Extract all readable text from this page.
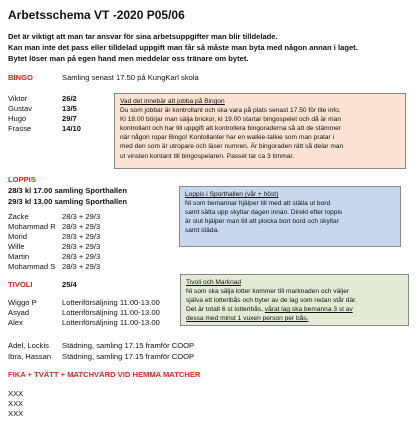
Arbetsschema VT -2020 P05/06
Det är viktigt att man tar ansvar för sina arbetsuppgifter man blir tilldelade.
Kan man inte det pass eller tilldelad uppgift man får så måste man byta med någon annan i laget.
Bytet löser man på egen hand men meddelar oss tränare om bytet.
BINGO	Samling senast 17.50 på KungKarl skola
Viktor	26/2
Gustav	13/5
Hugo	29/7
Frasse	14/10
Vad det innebär att jobba på Bingon
Du som jobbar är kontrollant och ska vara på plats senast 17.50 för lite info.
Kl 18.00 börjar man sälja brickor, kl 19.00 startar bingospelet och då är man
kontrollant och har till uppgift att kontrollera bingoraderna så att de stämmer
när någon ropar Bingo! Kontollanter har en walkie-talkie som man pratar i
med den som är utropare och läser numren. Är bingoraden rätt så delar man
ut vinsten kontant till bingospelaren. Passet tar ca 3 timmar.
LOPPIS
28/3 kl 17.00 samling Sporthallen
29/3 kl 13.00 samling Sporthallen
Zacke	28/3 + 29/3
Mohammad R 28/3 + 29/3
Morid	28/3 + 29/3
Wille	28/3 + 29/3
Martin	28/3 + 29/3
Mohammad S 28/3 + 29/3
Loppis i Sporthallen (vår + höst)
Ni som bemannar hjälper till med att ställa ut bord
samt sätta upp skyltar dagen innan. Direkt efter loppis
är slut hjälper man till att plocka bort bord och skyltar
samt städa.
TIVOLI	25/4
Wiggo P	Lotteriförsäljning 11.00-13.00
Asyad	Lotteriförsäljning 11.00-13.00
Alex	Lotteriförsäljning 11.00-13.00
Tivoli och Marknad
Ni som ska sälja lotter kommer till marknaden och väljer
själva ett lotteribås och byter av de lag som redan står där.
Det är totalt 6 st lotteribås, vårat lag ska bemanna 3 st av
dessa med minst 1 vuxen person per bås.
Adel, Lockis Städning, samling 17.15 framför COOP
Ibra, Hassan Städning, samling 17.15 framför COOP
FIKA + TVÄTT + MATCHVÄRD VID HEMMA MATCHER
XXX
XXX
XXX
